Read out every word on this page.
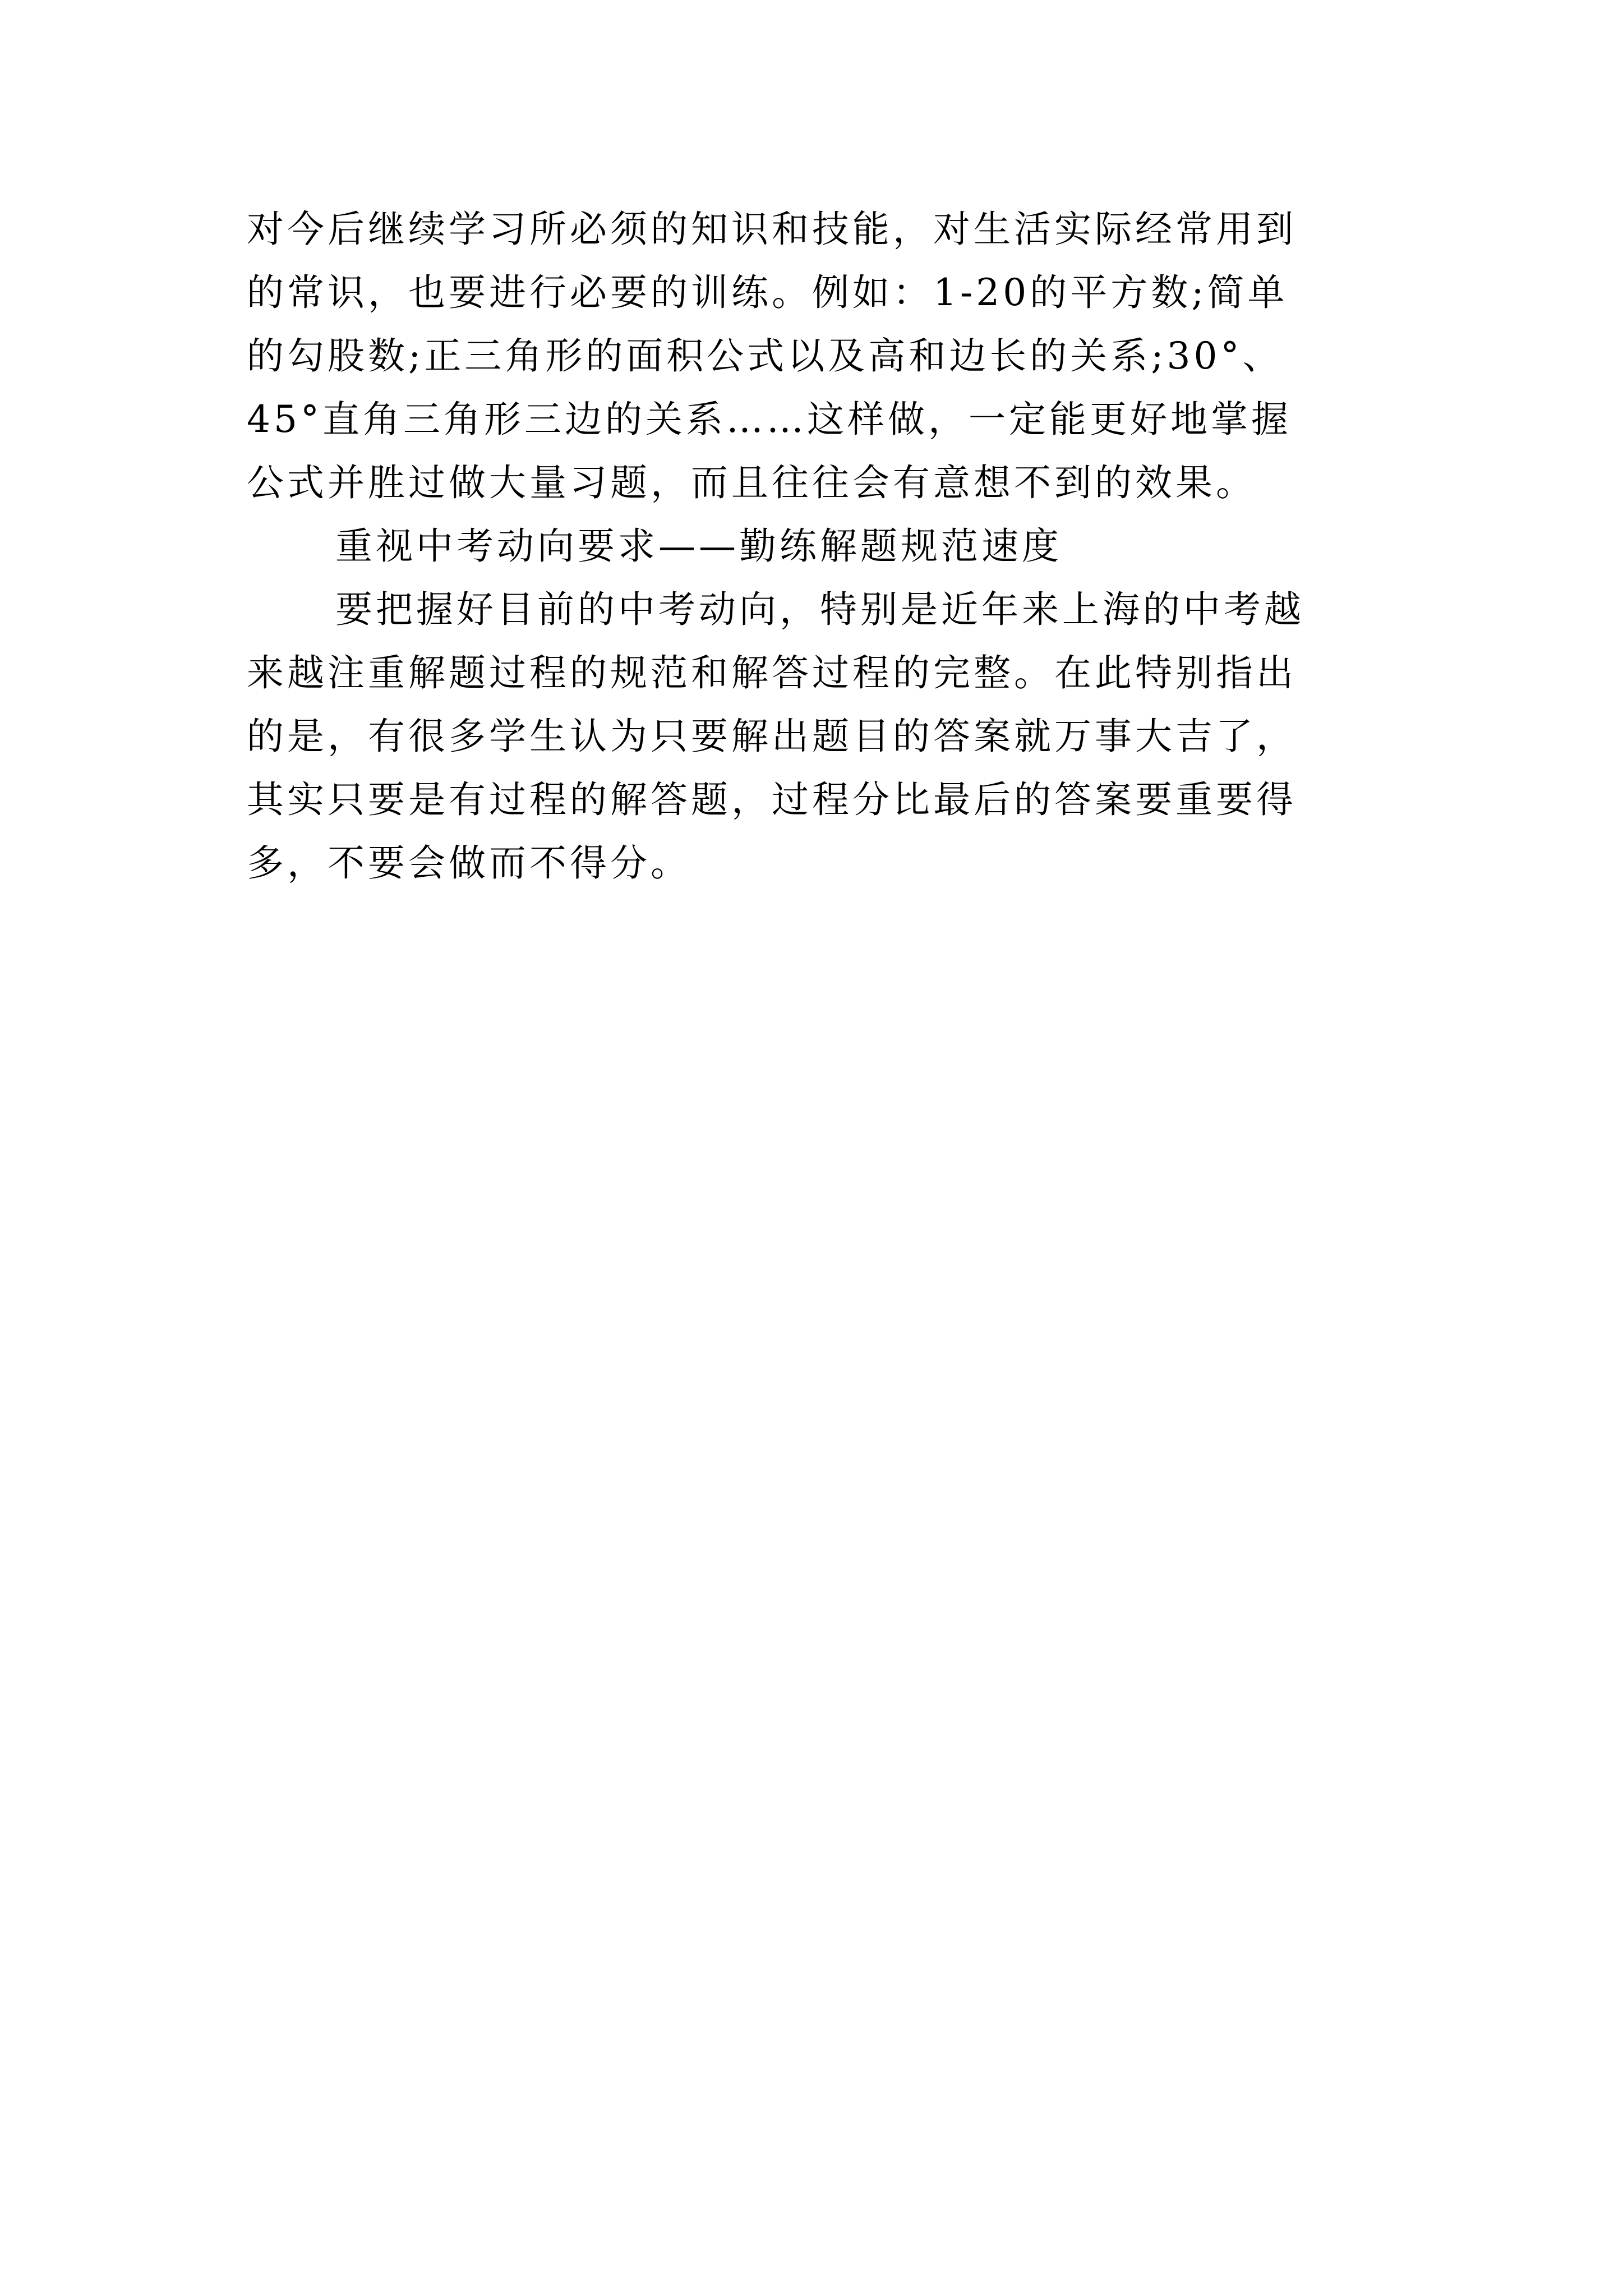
对今后继续学习所必须的知识和技能，对生活实际经常用到
的常识，也要进行必要的训练。例如：1-20的平方数;简单
的勾股数;正三角形的面积公式以及高和边长的关系;30°、
45°直角三角形三边的关系……这样做，一定能更好地掌握
公式并胜过做大量习题，而且往往会有意想不到的效果。
重视中考动向要求——勤练解题规范速度
要把握好目前的中考动向，特别是近年来上海的中考越
来越注重解题过程的规范和解答过程的完整。在此特别指出
的是，有很多学生认为只要解出题目的答案就万事大吉了，
其实只要是有过程的解答题，过程分比最后的答案要重要得
多，不要会做而不得分。
